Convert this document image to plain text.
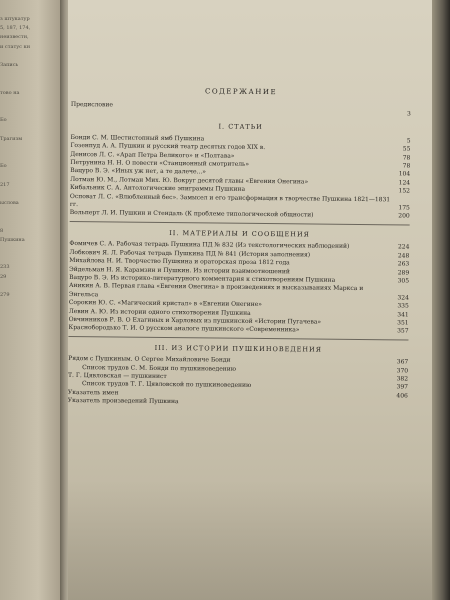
з штукатур
5, 187, 174,
неизвестн,
и статус кн
Запись
тово на
Бо
Трагизм
Бо
217
ыслова
8
Пушкина
233
29
279
СОДЕРЖАНИЕ
Предисловие
3
I. СТАТЬИ
Бонди С. М. Шестистопный ямб Пушкина	5
Гозенпуд А. А. Пушкин и русский театр десятых годов XIX в.	55
Денисов Л. С. «Арап Петра Великого» и «Полтава»	78
Петрунина Н. Н. О повести «Станционный смотритель»	78
Вацуро В. Э. «Иных уж нет, а те далече...»	104
Лотман Ю. М., Лотман Мих. Ю. Вокруг десятой главы «Евгения Онегина»	124
Кибальник С. А. Антологические эпиграммы Пушкина	152
Осповат Л. С. «Влюбленный бес». Замысел и его трансформация в творчестве Пушкина 1821—1831 гг.	175
Вольперт Л. И. Пушкин и Стендаль (К проблеме типологической общности)	200
II. МАТЕРИАЛЫ И СООБЩЕНИЯ
Фомичев С. А. Рабочая тетрадь Пушкина ПД № 832 (Из текстологических наблюдений)	224
Лобкович Я. Л. Рабочая тетрадь Пушкина ПД № 841 (История заполнения)	248
Михайлова Н. И. Творчество Пушкина и ораторская проза 1812 года	263
Эйдельман Н. Я. Карамзин и Пушкин. Из истории взаимоотношений	289
Вацуро В. Э. Из историко-литературного комментария к стихотворениям Пушкина	305
Аникин А. В. Первая глава «Евгения Онегина» в произведениях и высказываниях Маркса и Энгельса	324
Сорокин Ю. С. «Магический кристал» в «Евгении Онегине»	335
Левин А. Ю. Из истории одного стихотворения Пушкина	341
Овчинников Р. В. О Елагиных и Харловых из пушкинской «Истории Пугачева»	351
Краснобородько Т. И. О русском аналоге пушкинского «Современника»	357
III. ИЗ ИСТОРИИ ПУШКИНОВЕДЕНИЯ
Рядом с Пушкиным. О Сергее Михайловиче Бонди	367
Список трудов С. М. Бонди по пушкиноведению	370
Т. Г. Цявловская — пушкинист	382
Список трудов Т. Г. Цявловской по пушкиноведению	397
Указатель имен	406
Указатель произведений Пушкина
